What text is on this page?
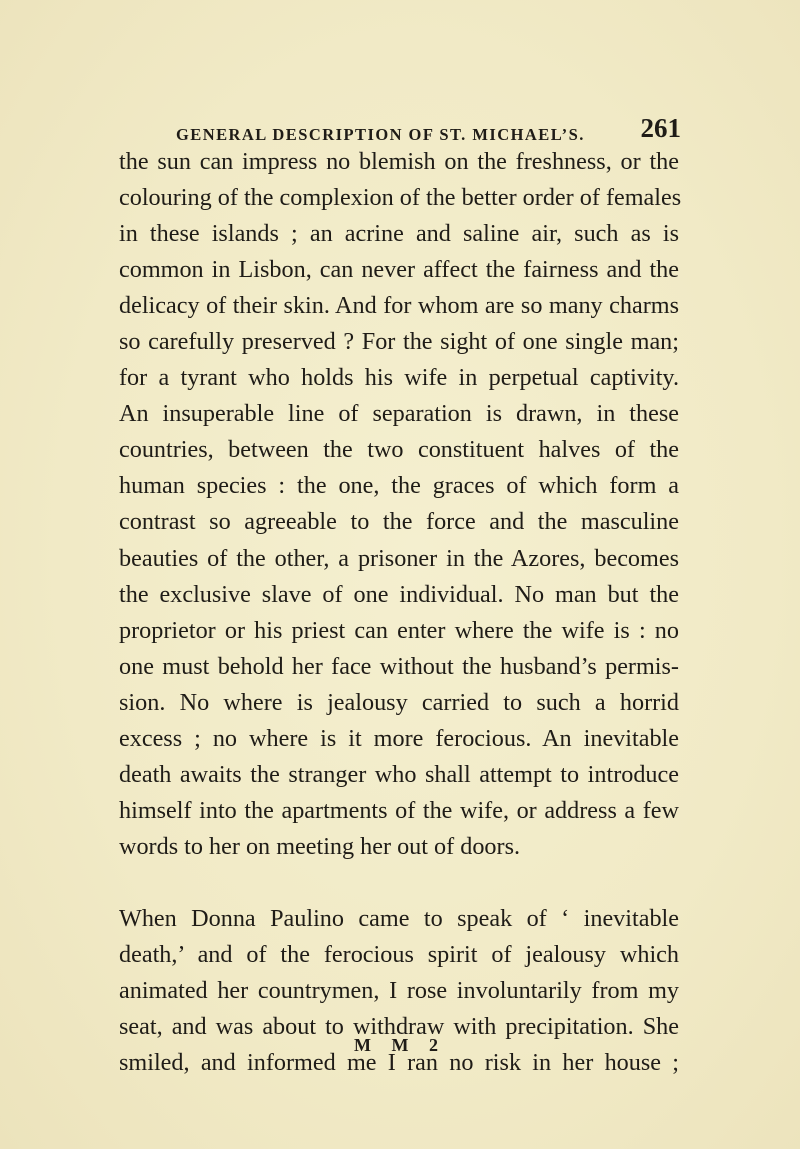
GENERAL DESCRIPTION OF ST. MICHAEL’S. 261
the sun can impress no blemish on the freshness, or the
colouring of the complexion of the better order of females
in these islands ; an acrine and saline air, such as is
common in Lisbon, can never affect the fairness and the
delicacy of their skin. And for whom are so many charms
so carefully preserved ? For the sight of one single man;
for a tyrant who holds his wife in perpetual captivity.
An insuperable line of separation is drawn, in these
countries, between the two constituent halves of the
human species : the one, the graces of which form a
contrast so agreeable to the force and the masculine
beauties of the other, a prisoner in the Azores, becomes
the exclusive slave of one individual. No man but the
proprietor or his priest can enter where the wife is : no
one must behold her face without the husband’s permis-
sion. No where is jealousy carried to such a horrid
excess ; no where is it more ferocious. An inevitable
death awaits the stranger who shall attempt to introduce
himself into the apartments of the wife, or address a few
words to her on meeting her out of doors.
When Donna Paulino came to speak of ‘ inevitable
death,’ and of the ferocious spirit of jealousy which
animated her countrymen, I rose involuntarily from my
seat, and was about to withdraw with precipitation. She
smiled, and informed me I ran no risk in her house ;
M M 2
